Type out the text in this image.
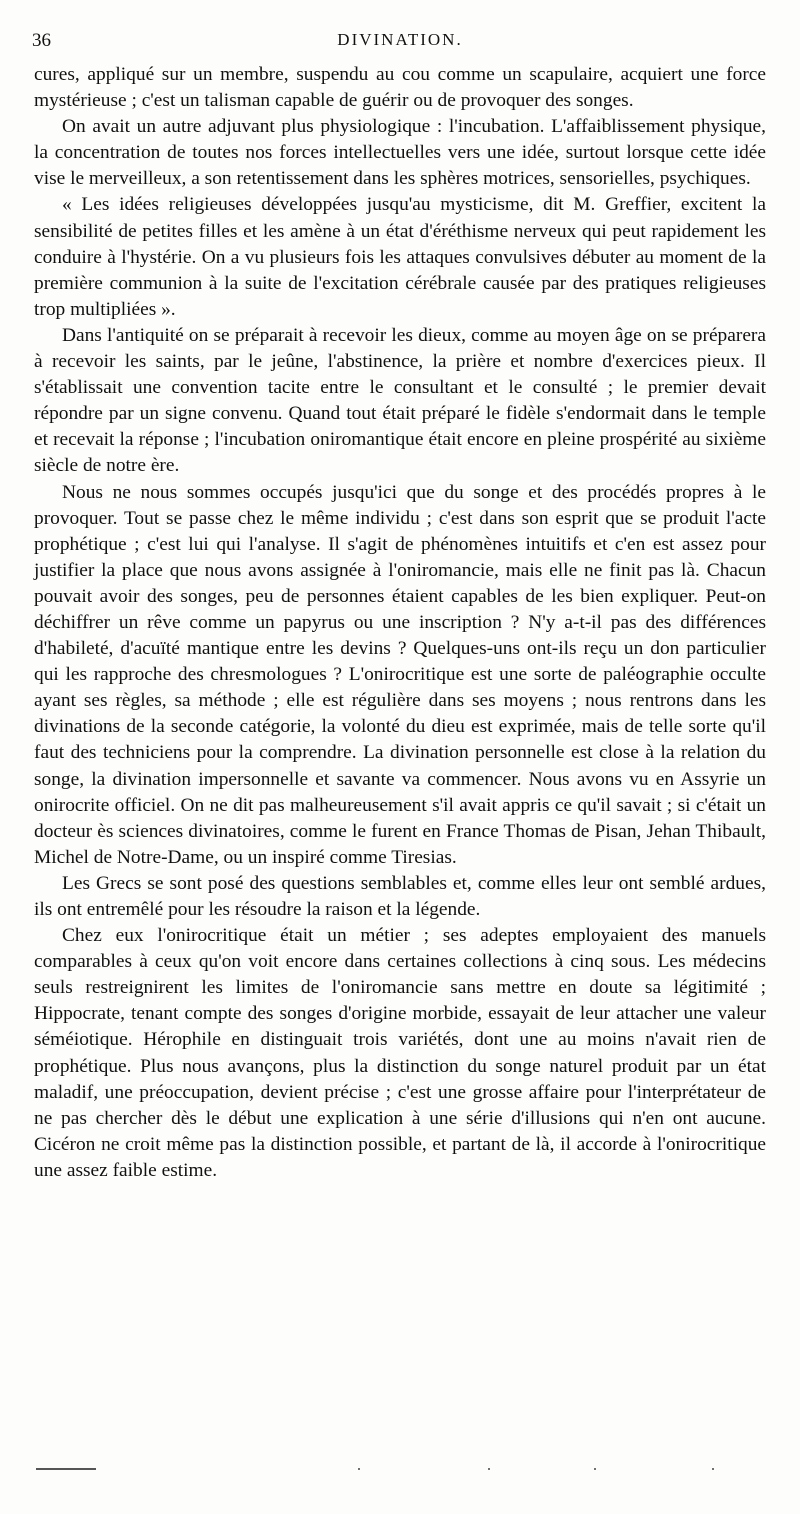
36	DIVINATION.

cures, appliqué sur un membre, suspendu au cou comme un scapulaire, acquiert une force mystérieuse ; c'est un talisman capable de guérir ou de provoquer des songes.

On avait un autre adjuvant plus physiologique : l'incubation. L'affaiblissement physique, la concentration de toutes nos forces intellectuelles vers une idée, surtout lorsque cette idée vise le merveilleux, a son retentissement dans les sphères motrices, sensorielles, psychiques.

« Les idées religieuses développées jusqu'au mysticisme, dit M. Greffier, excitent la sensibilité de petites filles et les amène à un état d'éréthisme nerveux qui peut rapidement les conduire à l'hystérie. On a vu plusieurs fois les attaques convulsives débuter au moment de la première communion à la suite de l'excitation cérébrale causée par des pratiques religieuses trop multipliées ».

Dans l'antiquité on se préparait à recevoir les dieux, comme au moyen âge on se préparera à recevoir les saints, par le jeûne, l'abstinence, la prière et nombre d'exercices pieux. Il s'établissait une convention tacite entre le consultant et le consulté ; le premier devait répondre par un signe convenu. Quand tout était préparé le fidèle s'endormait dans le temple et recevait la réponse ; l'incubation oniromantique était encore en pleine prospérité au sixième siècle de notre ère.

Nous ne nous sommes occupés jusqu'ici que du songe et des procédés propres à le provoquer. Tout se passe chez le même individu ; c'est dans son esprit que se produit l'acte prophétique ; c'est lui qui l'analyse. Il s'agit de phénomènes intuitifs et c'en est assez pour justifier la place que nous avons assignée à l'oniromancie, mais elle ne finit pas là. Chacun pouvait avoir des songes, peu de personnes étaient capables de les bien expliquer. Peut-on déchiffrer un rêve comme un papyrus ou une inscription ? N'y a-t-il pas des différences d'habileté, d'acuïté mantique entre les devins ? Quelques-uns ont-ils reçu un don particulier qui les rapproche des chresmologues ? L'onirocritique est une sorte de paléographie occulte ayant ses règles, sa méthode ; elle est régulière dans ses moyens ; nous rentrons dans les divinations de la seconde catégorie, la volonté du dieu est exprimée, mais de telle sorte qu'il faut des techniciens pour la comprendre. La divination personnelle est close à la relation du songe, la divination impersonnelle et savante va commencer. Nous avons vu en Assyrie un onirocrite officiel. On ne dit pas malheureusement s'il avait appris ce qu'il savait ; si c'était un docteur ès sciences divinatoires, comme le furent en France Thomas de Pisan, Jehan Thibault, Michel de Notre-Dame, ou un inspiré comme Tiresias.

Les Grecs se sont posé des questions semblables et, comme elles leur ont semblé ardues, ils ont entremêlé pour les résoudre la raison et la légende.

Chez eux l'onirocritique était un métier ; ses adeptes employaient des manuels comparables à ceux qu'on voit encore dans certaines collections à cinq sous. Les médecins seuls restreignirent les limites de l'oniromancie sans mettre en doute sa légitimité ; Hippocrate, tenant compte des songes d'origine morbide, essayait de leur attacher une valeur séméiotique. Hérophile en distinguait trois variétés, dont une au moins n'avait rien de prophétique. Plus nous avançons, plus la distinction du songe naturel produit par un état maladif, une préoccupation, devient précise ; c'est une grosse affaire pour l'interprétateur de ne pas chercher dès le début une explication à une série d'illusions qui n'en ont aucune. Cicéron ne croit même pas la distinction possible, et partant de là, il accorde à l'onirocritique une assez faible estime.
